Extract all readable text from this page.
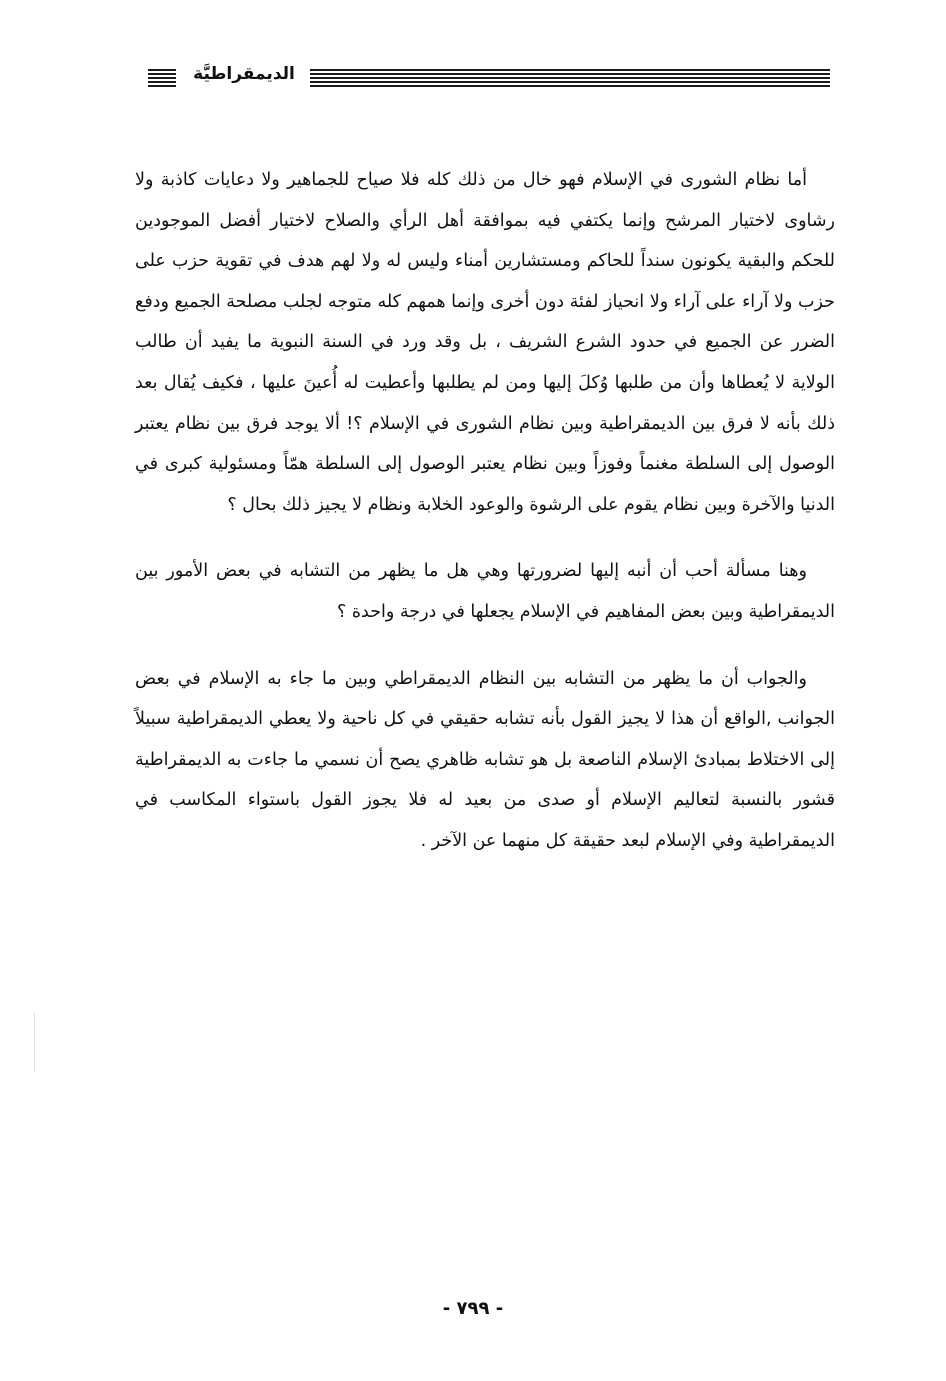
الديمقراطيَّة

أما نظام الشورى في الإسلام فهو خال من ذلك كله فلا صياح للجماهير ولا دعايات كاذبة ولا رشاوى لاختيار المرشح وإنما يكتفي فيه بموافقة أهل الرأي والصلاح لاختيار أفضل الموجودين للحكم والبقية يكونون سنداً للحاكم ومستشارين أمناء وليس له ولا لهم هدف في تقوية حزب على حزب ولا آراء على آراء ولا انحياز لفئة دون أخرى وإنما همهم كله متوجه لجلب مصلحة الجميع ودفع الضرر عن الجميع في حدود الشرع الشريف ، بل وقد ورد في السنة النبوية ما يفيد أن طالب الولاية لا يُعطاها وأن من طلبها وُكلَ إليها ومن لم يطلبها وأعطيت له أُعينَ عليها ، فكيف يُقال بعد ذلك بأنه لا فرق بين الديمقراطية وبين نظام الشورى في الإسلام ؟! ألا يوجد فرق بين نظام يعتبر الوصول إلى السلطة مغنماً وفوزاً وبين نظام يعتبر الوصول إلى السلطة همّاً ومسئولية كبرى في الدنيا والآخرة وبين نظام يقوم على الرشوة والوعود الخلابة ونظام لا يجيز ذلك بحال ؟

وهنا مسألة أحب أن أنبه إليها لضرورتها وهي هل ما يظهر من التشابه في بعض الأمور بين الديمقراطية وبين بعض المفاهيم في الإسلام يجعلها في درجة واحدة ؟

والجواب أن ما يظهر من التشابه بين النظام الديمقراطي وبين ما جاء به الإسلام في بعض الجوانب ,الواقع أن هذا لا يجيز القول بأنه تشابه حقيقي في كل ناحية ولا يعطي الديمقراطية سبيلاً إلى الاختلاط بمبادئ الإسلام الناصعة بل هو تشابه ظاهري يصح أن نسمي ما جاءت به الديمقراطية قشور بالنسبة لتعاليم الإسلام أو صدى من بعيد له فلا يجوز القول باستواء المكاسب في الديمقراطية وفي الإسلام لبعد حقيقة كل منهما عن الآخر .

- ٧٩٩ -
